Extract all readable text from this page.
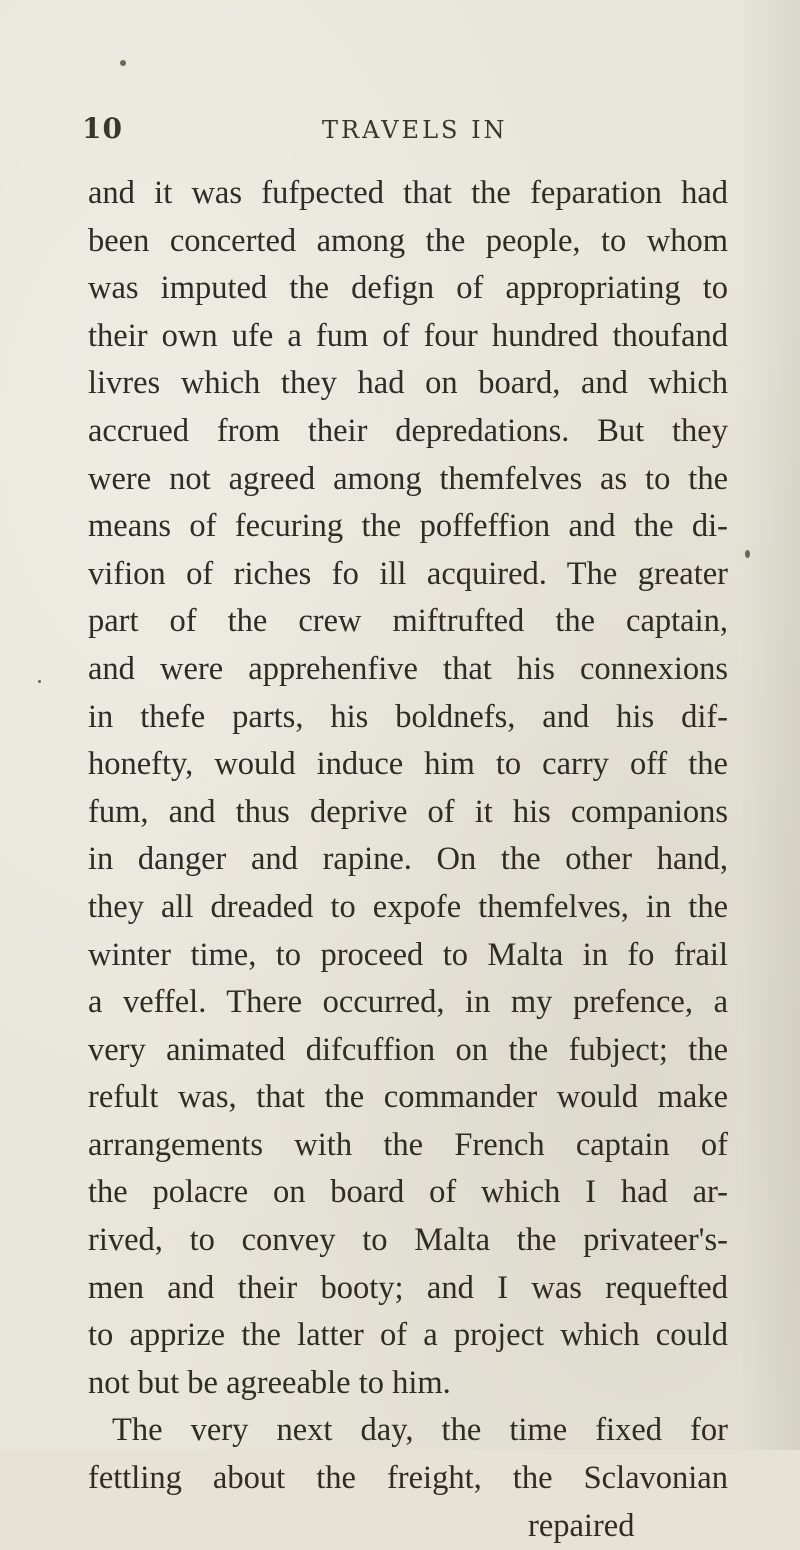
10	TRAVELS IN
and it was fufpected that the feparation had
been concerted among the people, to whom
was imputed the defign of appropriating to
their own ufe a fum of four hundred thoufand
livres which they had on board, and which
accrued from their depredations. But they
were not agreed among themfelves as to the
means of fecuring the poffeffion and the di-
vifion of riches fo ill acquired. The greater
part of the crew miftrufted the captain,
and were apprehenfive that his connexions
in thefe parts, his boldnefs, and his dif-
honefty, would induce him to carry off the
fum, and thus deprive of it his companions
in danger and rapine. On the other hand,
they all dreaded to expofe themfelves, in the
winter time, to proceed to Malta in fo frail
a veffel. There occurred, in my prefence, a
very animated difcuffion on the fubject; the
refult was, that the commander would make
arrangements with the French captain of
the polacre on board of which I had ar-
rived, to convey to Malta the privateer's-
men and their booty; and I was requefted
to apprize the latter of a project which could
not but be agreeable to him.
The very next day, the time fixed for
fettling about the freight, the Sclavonian
repaired
